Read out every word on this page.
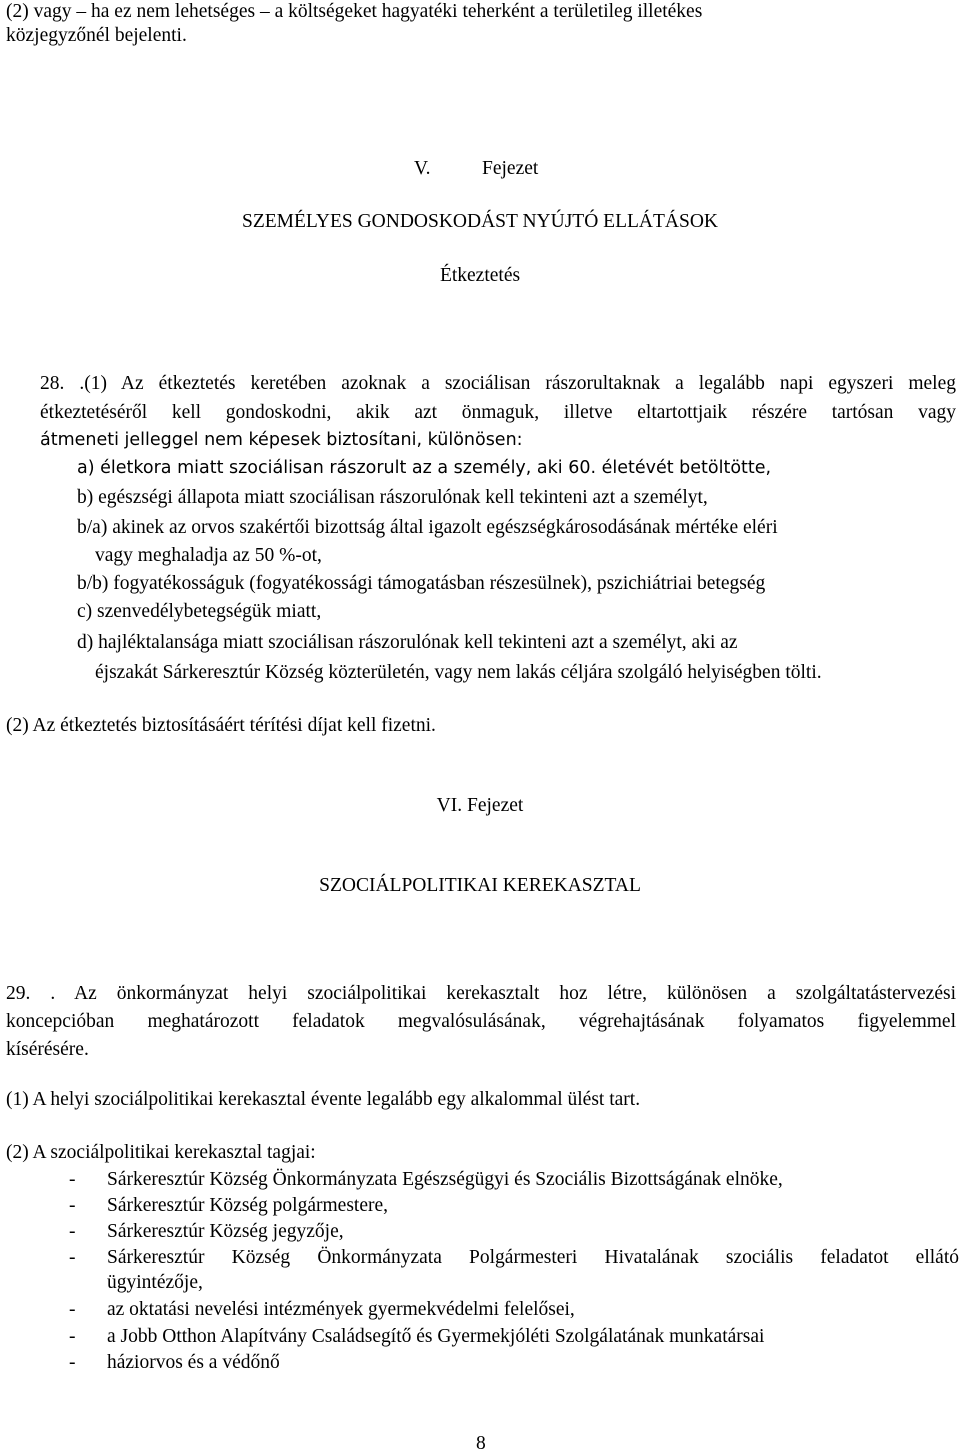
(2) vagy – ha ez nem lehetséges – a költségeket hagyatéki teherként a területileg illetékes
közjegyzőnél bejelenti.
V.	Fejezet
SZEMÉLYES GONDOSKODÁST NYÚJTÓ ELLÁTÁSOK
Étkeztetés
28. .(1) Az étkeztetés keretében azoknak a szociálisan rászorultaknak a legalább napi egyszeri meleg
étkeztetéséről kell gondoskodni, akik azt önmaguk, illetve eltartottjaik részére tartósan vagy
átmeneti jelleggel nem képesek biztosítani, különösen:
a) életkora miatt szociálisan rászorult az a személy, aki 60. életévét betöltötte,
b) egészségi állapota miatt szociálisan rászorulónak kell tekinteni azt a személyt,
b/a) akinek az orvos szakértői bizottság által igazolt egészségkárosodásának mértéke eléri
vagy meghaladja az 50 %-ot,
b/b) fogyatékosságuk (fogyatékossági támogatásban részesülnek), pszichiátriai betegség
c) szenvedélybetegségük miatt,
d) hajléktalansága miatt szociálisan rászorulónak kell tekinteni azt a személyt, aki az
éjszakát Sárkeresztúr Község közterületén, vagy nem lakás céljára szolgáló helyiségben tölti.
(2) Az étkeztetés biztosításáért térítési díjat kell fizetni.
VI. Fejezet
SZOCIÁLPOLITIKAI KEREKASZTAL
29. . Az önkormányzat helyi szociálpolitikai kerekasztalt hoz létre, különösen a szolgáltatástervezési
koncepcióban meghatározott feladatok megvalósulásának, végrehajtásának folyamatos figyelemmel
kísérésére.
(1) A helyi szociálpolitikai kerekasztal évente legalább egy alkalommal ülést tart.
(2) A szociálpolitikai kerekasztal tagjai:
- Sárkeresztúr Község Önkormányzata Egészségügyi és Szociális Bizottságának elnöke,
- Sárkeresztúr Község polgármestere,
- Sárkeresztúr Község jegyzője,
- Sárkeresztúr Község Önkormányzata Polgármesteri Hivatalának szociális feladatot ellátó
ügyintézője,
- az oktatási nevelési intézmények gyermekvédelmi felelősei,
- a Jobb Otthon Alapítvány Családsegítő és Gyermekjóléti Szolgálatának munkatársai
- háziorvos és a védőnő
8
